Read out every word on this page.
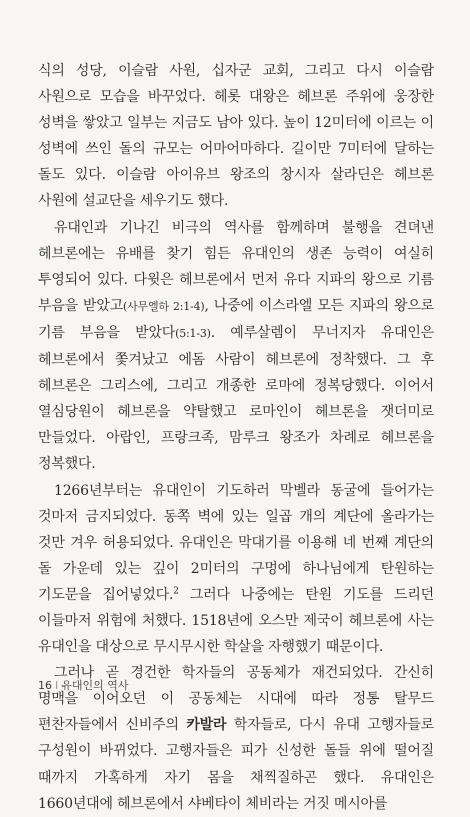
식의 성당, 이슬람 사원, 십자군 교회, 그리고 다시 이슬람 사원으로 모습을 바꾸었다. 헤롯 대왕은 헤브론 주위에 웅장한 성벽을 쌓았고 일부는 지금도 남아 있다. 높이 12미터에 이르는 이 성벽에 쓰인 돌의 규모는 어마어마하다. 길이만 7미터에 달하는 돌도 있다. 이슬람 아이유브 왕조의 창시자 살라딘은 헤브론 사원에 설교단을 세우기도 했다.

유대인과 기나긴 비극의 역사를 함께하며 불행을 견뎌낸 헤브론에는 유배를 찾기 힘든 유대인의 생존 능력이 여실히 투영되어 있다. 다윗은 헤브론에서 먼저 유다 지파의 왕으로 기름 부음을 받았고(사무엘하 2:1-4), 나중에 이스라엘 모든 지파의 왕으로 기름 부음을 받았다(5:1-3). 예루살렘이 무너지자 유대인은 헤브론에서 쫓겨났고 에돔 사람이 헤브론에 정착했다. 그 후 헤브론은 그리스에, 그리고 개종한 로마에 정복당했다. 이어서 열심당원이 헤브론을 약탈했고 로마인이 헤브론을 잿더미로 만들었다. 아랍인, 프랑크족, 맘루크 왕조가 차례로 헤브론을 정복했다.

1266년부터는 유대인이 기도하러 막벨라 동굴에 들어가는 것마저 금지되었다. 동쪽 벽에 있는 일곱 개의 계단에 올라가는 것만 겨우 허용되었다. 유대인은 막대기를 이용해 네 번째 계단의 돌 가운데 있는 깊이 2미터의 구멍에 하나님에게 탄원하는 기도문을 집어넣었다.$^2$ 그러다 나중에는 탄원 기도를 드리던 이들마저 위험에 처했다. 1518년에 오스만 제국이 헤브론에 사는 유대인을 대상으로 무시무시한 학살을 자행했기 때문이다.

그러나 곧 경건한 학자들의 공동체가 재건되었다. 간신히 명맥을 이어오던 이 공동체는 시대에 따라 정통 탈무드 편찬자들에서 신비주의 카발라 학자들로, 다시 유대 고행자들로 구성원이 바뀌었다. 고행자들은 피가 신성한 돌들 위에 떨어질 때까지 가혹하게 자기 몸을 채찍질하곤 했다. 유대인은 1660년대에 헤브론에서 샤베타이 체비라는 거짓 메시아를

16 I 유대인의 역사
